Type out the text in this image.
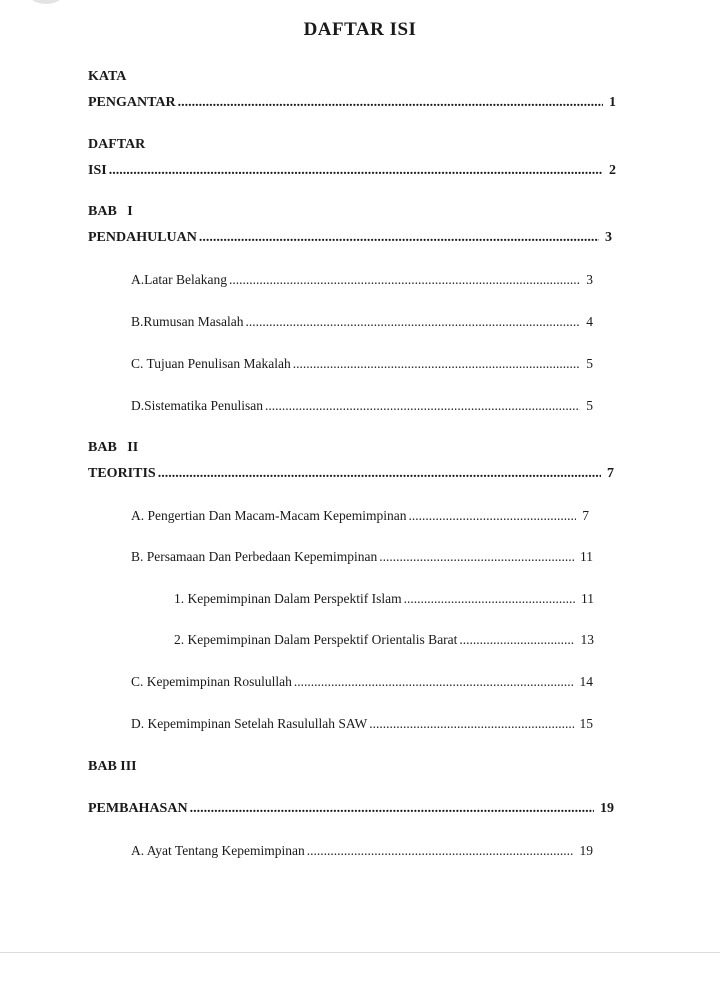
DAFTAR ISI
KATA
PENGANTAR .....	1
DAFTAR
ISI .....	2
BAB   I
PENDAHULUAN .....	3
A.Latar Belakang .....	3
B.Rumusan Masalah .....	4
C. Tujuan Penulisan Makalah .....	5
D.Sistematika Penulisan .....	5
BAB   II
TEORITIS .....	7
A. Pengertian Dan Macam-Macam Kepemimpinan .....	7
B. Persamaan Dan Perbedaan Kepemimpinan .....	11
1. Kepemimpinan Dalam Perspektif Islam .....	11
2. Kepemimpinan Dalam Perspektif Orientalis Barat .....	13
C. Kepemimpinan Rosulullah .....	14
D. Kepemimpinan Setelah Rasulullah SAW .....	15
BAB III
PEMBAHASAN .....	19
A. Ayat Tentang Kepemimpinan .....	19
